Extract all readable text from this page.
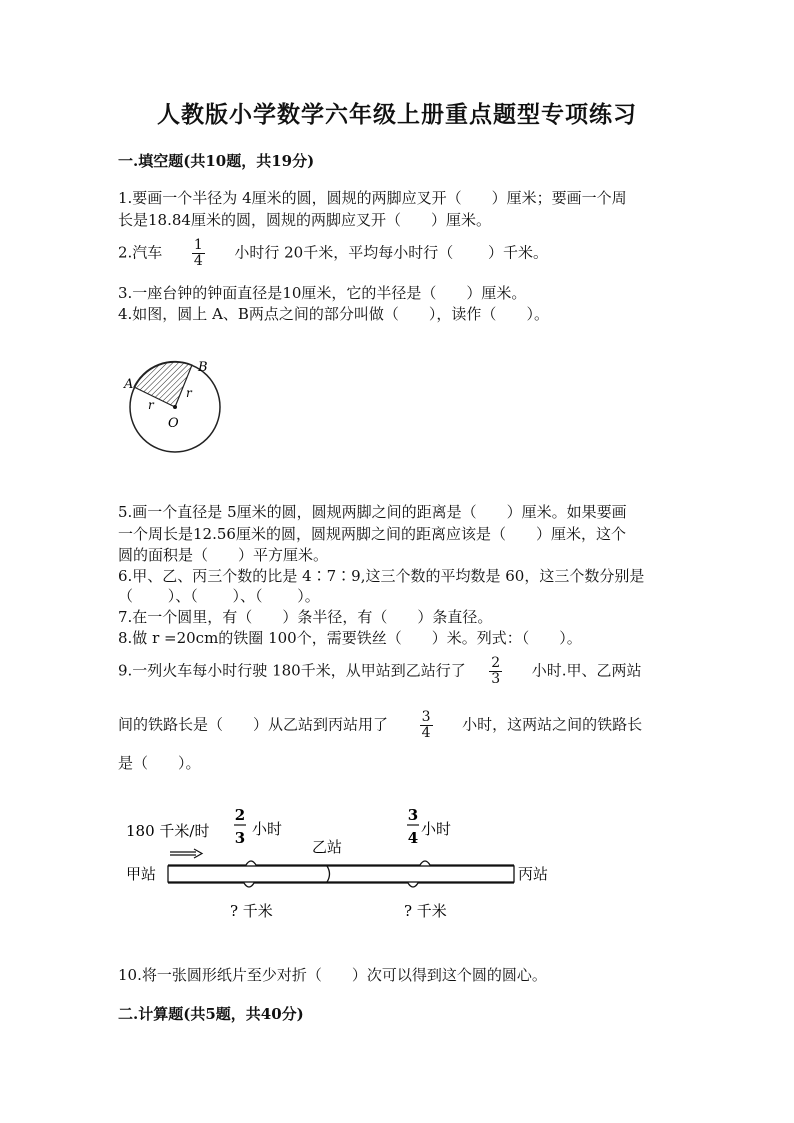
人教版小学数学六年级上册重点题型专项练习
一.填空题(共10题，共19分)
1.要画一个半径为 4厘米的圆，圆规的两脚应叉开（　　）厘米；要画一个周
长是18.84厘米的圆，圆规的两脚应叉开（　　）厘米。
2.汽车 $\frac{1}{4}$ 小时行 20千米，平均每小时行（　　 ）千米。
3.一座台钟的钟面直径是10厘米，它的半径是（　　）厘米。
4.如图，圆上 A、B两点之间的部分叫做（　　），读作（　　）。
A
B
O
r
r
5.画一个直径是 5厘米的圆，圆规两脚之间的距离是（　　）厘米。如果要画
一个周长是12.56厘米的圆，圆规两脚之间的距离应该是（　　）厘米，这个
圆的面积是（　　）平方厘米。
6.甲、乙、丙三个数的比是 4∶7∶9,这三个数的平均数是 60，这三个数分别是
（　　 ）、（　　 ）、（　　 ）。
7.在一个圆里，有（　　）条半径，有（　　）条直径。
8.做 r =20cm的铁圈 100个，需要铁丝（　　）米。列式：（　　）。
9.一列火车每小时行驶 180千米，从甲站到乙站行了 $\frac{2}{3}$ 小时.甲、乙两站
间的铁路长是（　　）从乙站到丙站用了 $\frac{3}{4}$ 小时，这两站之间的铁路长
是（　　）。
180 千米/时
2
3 小时
3
4 小时
乙站
甲站	丙站
? 千米	? 千米
10.将一张圆形纸片至少对折（　　）次可以得到这个圆的圆心。
二.计算题(共5题，共40分)
